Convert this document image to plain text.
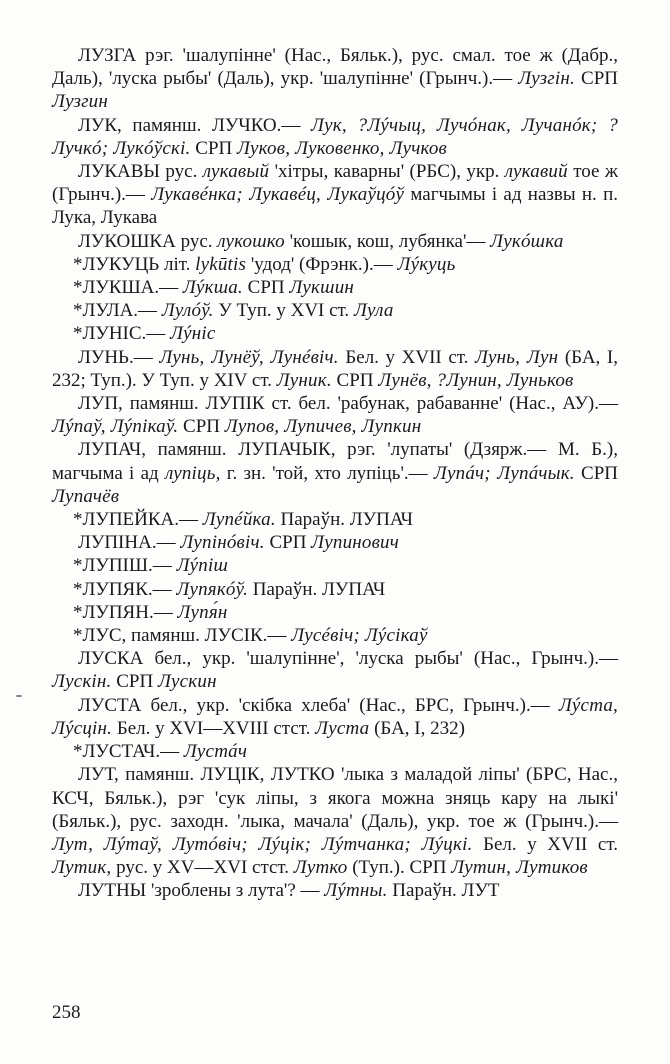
ЛУЗГА рэг. 'шалупінне' (Нас., Бяльк.), рус. смал. тое ж (Дабр., Даль), 'луска рыбы' (Даль), укр. 'шалупінне' (Грынч.).— Лузгін. СРП Лузгин

ЛУК, памянш. ЛУЧКО.— Лук, ?Лýчыц, Лучóнак, Лучанóк; ?Лучкó; Лукóўскі. СРП Луков, Луковенко, Лучков

ЛУКАВЫ рус. лукавый 'хітры, каварны' (РБС), укр. лукавий тое ж (Грынч.).— Лукавéнка; Лукавéц, Лукаўцóў магчымы і ад назвы н. п. Лука, Лукава

ЛУКОШКА рус. лукошко 'кошык, кош, лубянка'— Лукóшка

*ЛУКУЦЬ літ. lykūtis 'удод' (Фрэнк.).— Лýкуць

*ЛУКША.— Лýкша. СРП Лукшин

*ЛУЛА.— Лулóў. У Туп. у XVI ст. Лула

*ЛУНІС.— Лýніс

ЛУНЬ.— Лунь, Лунёў, Лунéвіч. Бел. у XVII ст. Лунь, Лун (БА, I, 232; Туп.). У Туп. у XIV ст. Луник. СРП Лунёв, ?Лунин, Луньков

ЛУП, памянш. ЛУПІК ст. бел. 'рабунак, рабаванне' (Нас., АУ).— Лýпаў, Лýпікаў. СРП Лупов, Лупичев, Лупкин

ЛУПАЧ, памянш. ЛУПАЧЫК, рэг. 'лупаты' (Дзярж.— М. Б.), магчыма і ад лупіць, г. зн. 'той, хто лупіць'.— Лупáч; Лупáчык. СРП Лупачёв

*ЛУПЕЙКА.— Лупéйка. Параўн. ЛУПАЧ

ЛУПІНА.— Лупінóвіч. СРП Лупинович

*ЛУПІШ.— Лýпіш

*ЛУПЯК.— Лупякóў. Параўн. ЛУПАЧ

*ЛУПЯН.— Лупя́н

*ЛУС, памянш. ЛУСІК.— Лусéвіч; Лýсікаў

ЛУСКА бел., укр. 'шалупінне', 'луска рыбы' (Нас., Грынч.).— Лускін. СРП Лускин

ЛУСТА бел., укр. 'скібка хлеба' (Нас., БРС, Грынч.).— Лýста, Лýсцін. Бел. у XVI—XVIII стст. Луста (БА, I, 232)

*ЛУСТАЧ.— Лустáч

ЛУТ, памянш. ЛУЦІК, ЛУТКО 'лыка з маладой ліпы' (БРС, Нас., КСЧ, Бяльк.), рэг 'сук ліпы, з якога можна зняць кару на лыкі' (Бяльк.), рус. заходн. 'лыка, мачала' (Даль), укр. тое ж (Грынч.).— Лут, Лýтаў, Лутóвіч; Лýцік; Лýтчанка; Лýцкі. Бел. у XVII ст. Лутик, рус. у XV—XVI стст. Лутко (Туп.). СРП Лутин, Лутиков

ЛУТНЫ 'зроблены з лута'? — Лýтны. Параўн. ЛУТ

258
